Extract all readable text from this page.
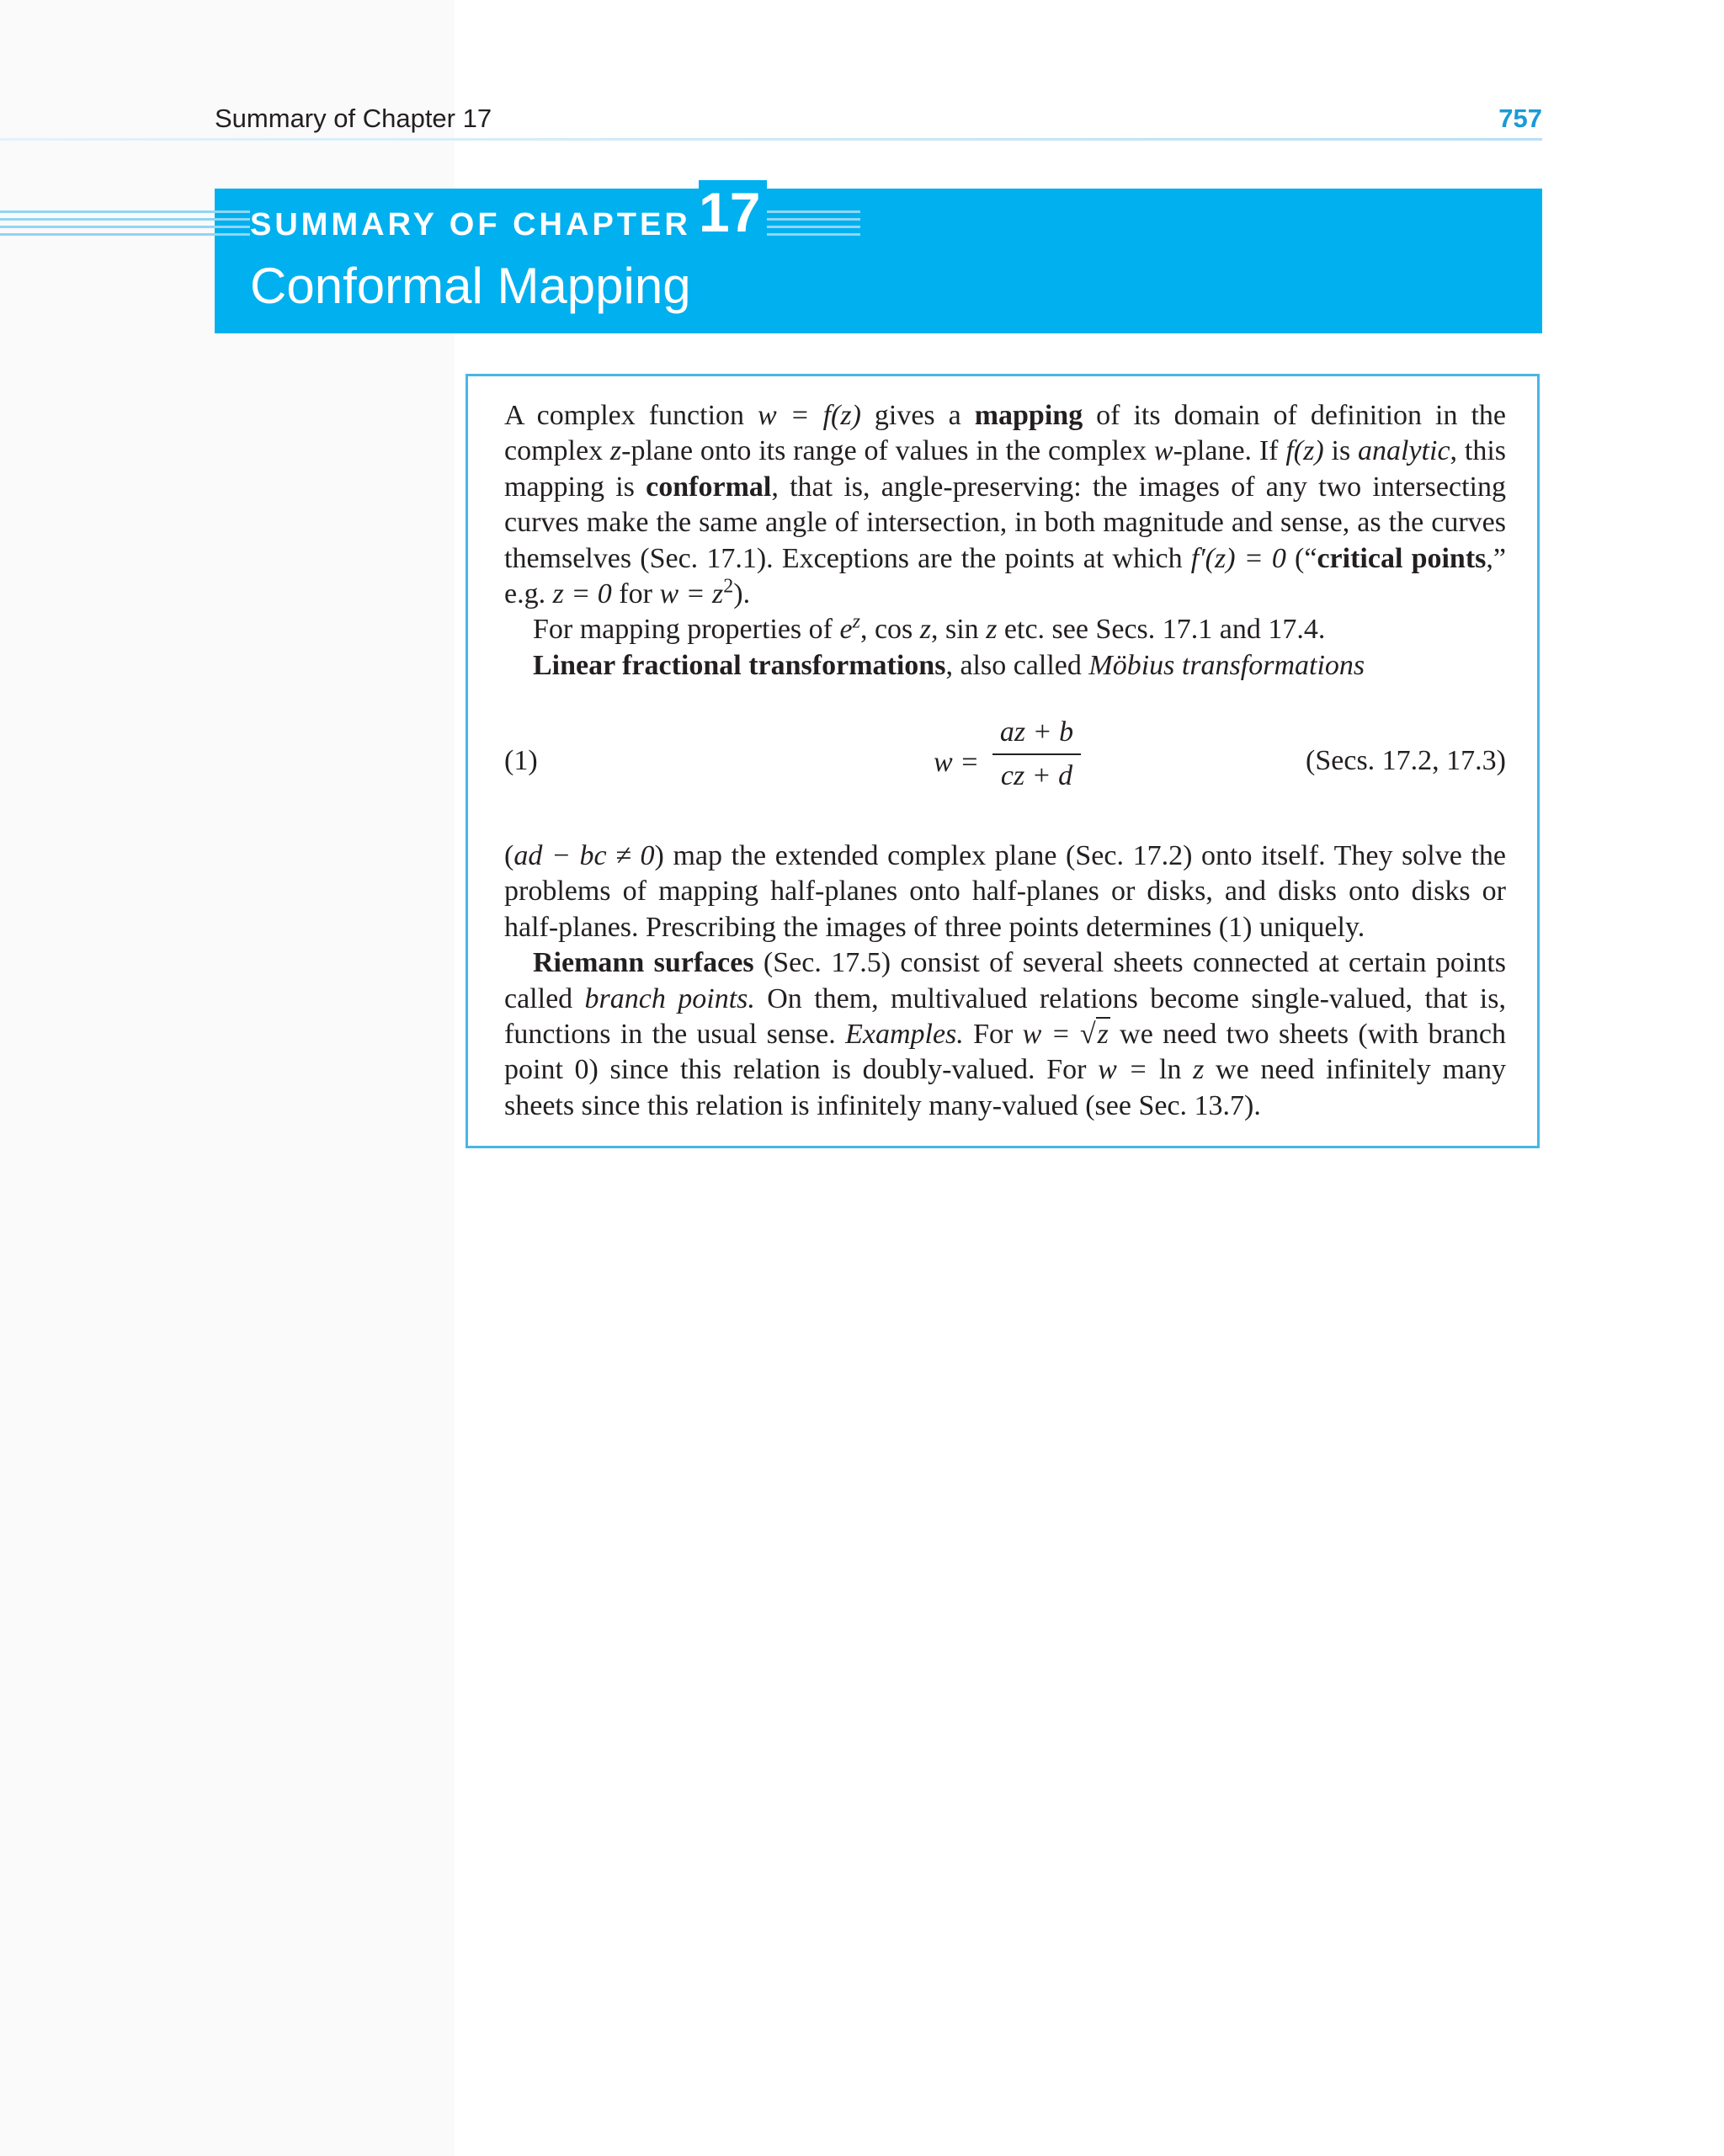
Summary of Chapter 17	757
SUMMARY OF CHAPTER 17
Conformal Mapping

A complex function w = f(z) gives a mapping of its domain of definition in the complex z-plane onto its range of values in the complex w-plane. If f(z) is analytic, this mapping is conformal, that is, angle-preserving: the images of any two intersecting curves make the same angle of intersection, in both magnitude and sense, as the curves themselves (Sec. 17.1). Exceptions are the points at which f′(z) = 0 (“critical points,” e.g. z = 0 for $w = z^2$).

For mapping properties of $e^z$, cos z, sin z etc. see Secs. 17.1 and 17.4.

Linear fractional transformations, also called Möbius transformations

(1)	w =
az + b
cz + d	(Secs. 17.2, 17.3)

(ad − bc ≠ 0) map the extended complex plane (Sec. 17.2) onto itself. They solve the problems of mapping half-planes onto half-planes or disks, and disks onto disks or half-planes. Prescribing the images of three points determines (1) uniquely.

Riemann surfaces (Sec. 17.5) consist of several sheets connected at certain points called branch points. On them, multivalued relations become single-valued, that is, functions in the usual sense. Examples. For w = √z we need two sheets (with branch point 0) since this relation is doubly-valued. For w = ln z we need infinitely many sheets since this relation is infinitely many-valued (see Sec. 13.7).
